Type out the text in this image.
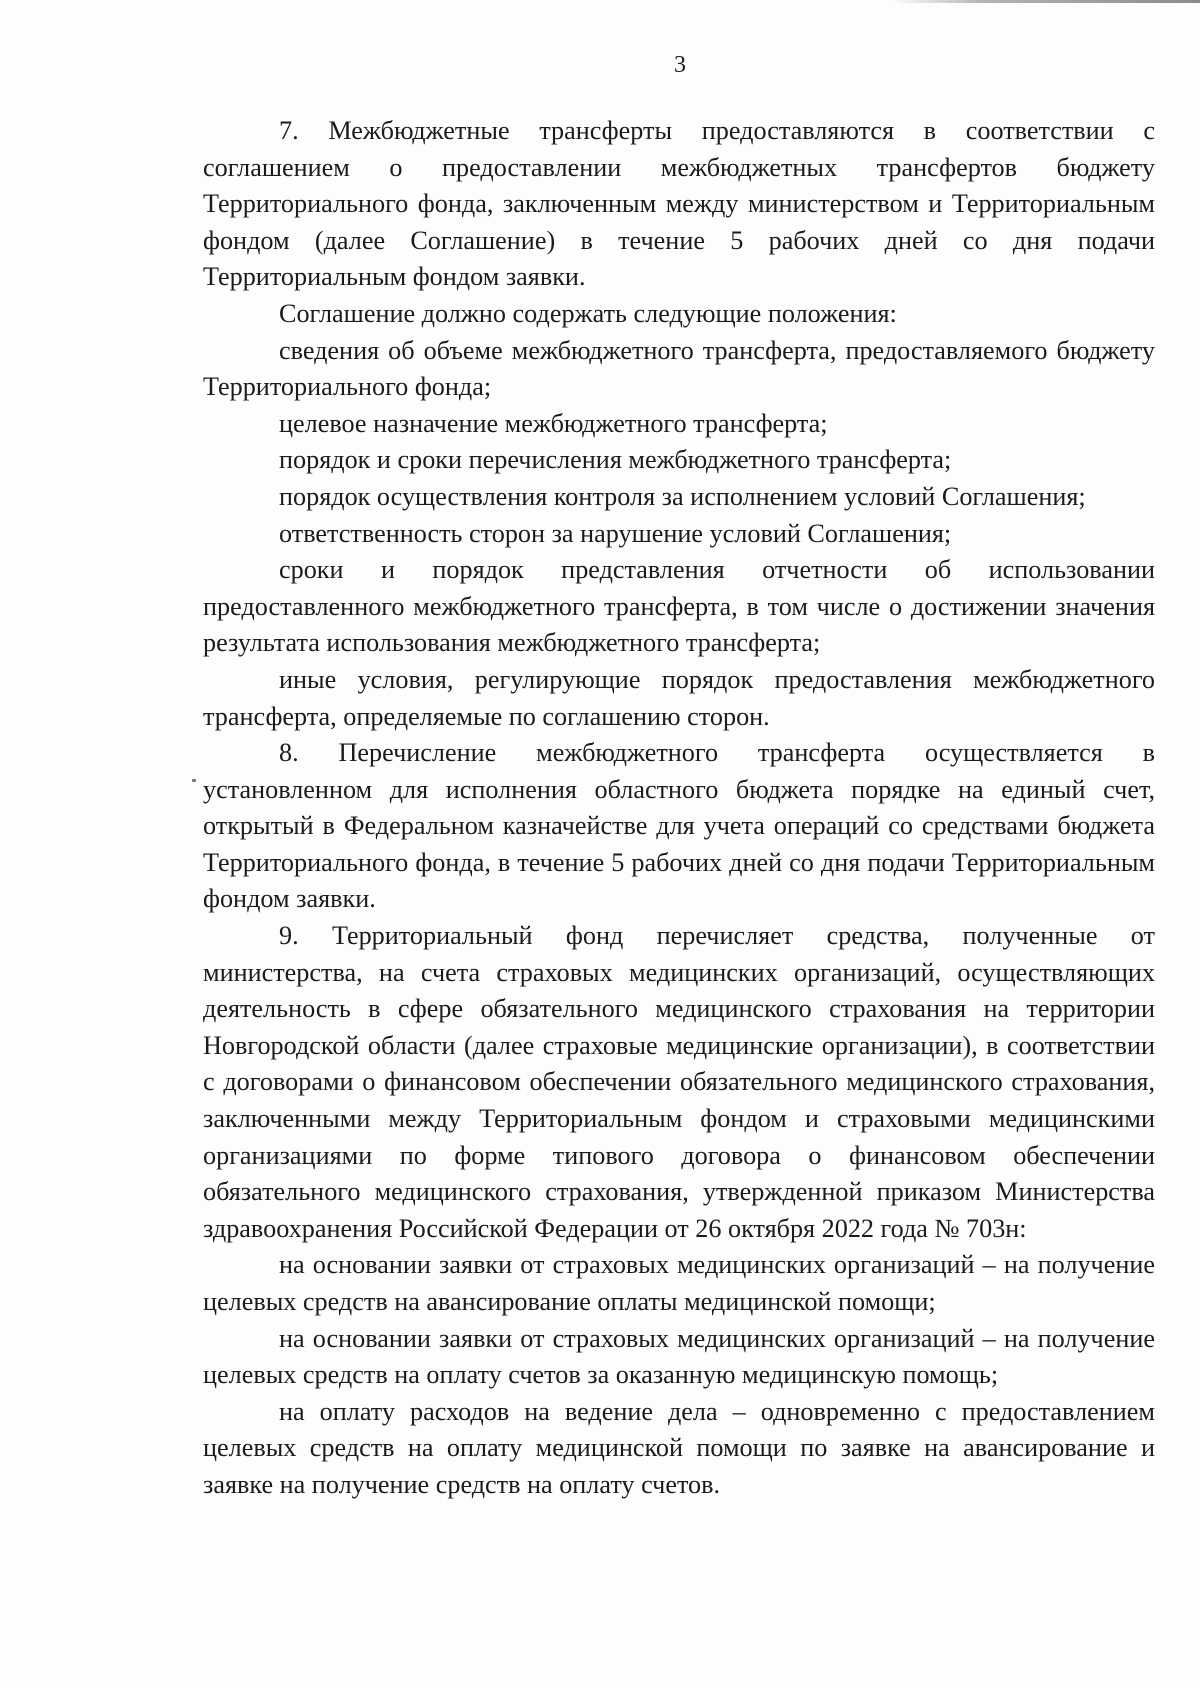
3

7. Межбюджетные трансферты предоставляются в соответствии с соглашением о предоставлении межбюджетных трансфертов бюджету Территориального фонда, заключенным между министерством и Территориальным фондом (далее Соглашение) в течение 5 рабочих дней со дня подачи Территориальным фондом заявки.

Соглашение должно содержать следующие положения:

сведения об объеме межбюджетного трансферта, предоставляемого бюджету Территориального фонда;

целевое назначение межбюджетного трансферта;

порядок и сроки перечисления межбюджетного трансферта;

порядок осуществления контроля за исполнением условий Соглашения;

ответственность сторон за нарушение условий Соглашения;

сроки и порядок представления отчетности об использовании предоставленного межбюджетного трансферта, в том числе о достижении значения результата использования межбюджетного трансферта;

иные условия, регулирующие порядок предоставления межбюджетного трансферта, определяемые по соглашению сторон.

8. Перечисление межбюджетного трансферта осуществляется в установленном для исполнения областного бюджета порядке на единый счет, открытый в Федеральном казначействе для учета операций со средствами бюджета Территориального фонда, в течение 5 рабочих дней со дня подачи Территориальным фондом заявки.

9. Территориальный фонд перечисляет средства, полученные от министерства, на счета страховых медицинских организаций, осуществляющих деятельность в сфере обязательного медицинского страхования на территории Новгородской области (далее страховые медицинские организации), в соответствии с договорами о финансовом обеспечении обязательного медицинского страхования, заключенными между Территориальным фондом и страховыми медицинскими организациями по форме типового договора о финансовом обеспечении обязательного медицинского страхования, утвержденной приказом Министерства здравоохранения Российской Федерации от 26 октября 2022 года № 703н:

на основании заявки от страховых медицинских организаций – на получение целевых средств на авансирование оплаты медицинской помощи;

на основании заявки от страховых медицинских организаций – на получение целевых средств на оплату счетов за оказанную медицинскую помощь;

на оплату расходов на ведение дела – одновременно с предоставлением целевых средств на оплату медицинской помощи по заявке на авансирование и заявке на получение средств на оплату счетов.
